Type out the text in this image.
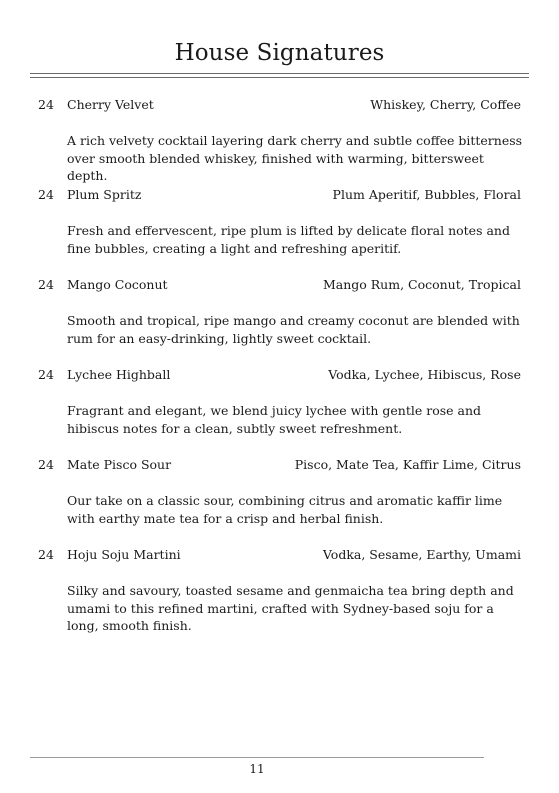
House Signatures
24 Cherry Velvet	Whiskey, Cherry, Coffee
A rich velvety cocktail layering dark cherry and subtle coffee bitterness over smooth blended whiskey, finished with warming, bittersweet depth.
24 Plum Spritz	Plum Aperitif, Bubbles, Floral
Fresh and effervescent, ripe plum is lifted by delicate floral notes and fine bubbles, creating a light and refreshing aperitif.
24 Mango Coconut	Mango Rum, Coconut, Tropical
Smooth and tropical, ripe mango and creamy coconut are blended with rum for an easy-drinking, lightly sweet cocktail.
24 Lychee Highball	Vodka, Lychee, Hibiscus, Rose
Fragrant and elegant, we blend juicy lychee with gentle rose and hibiscus notes for a clean, subtly sweet refreshment.
24 Mate Pisco Sour	Pisco, Mate Tea, Kaffir Lime, Citrus
Our take on a classic sour, combining citrus and aromatic kaffir lime with earthy mate tea for a crisp and herbal finish.
24 Hoju Soju Martini	Vodka, Sesame, Earthy, Umami
Silky and savoury, toasted sesame and genmaicha tea bring depth and umami to this refined martini, crafted with Sydney-based soju for a long, smooth finish.
11
